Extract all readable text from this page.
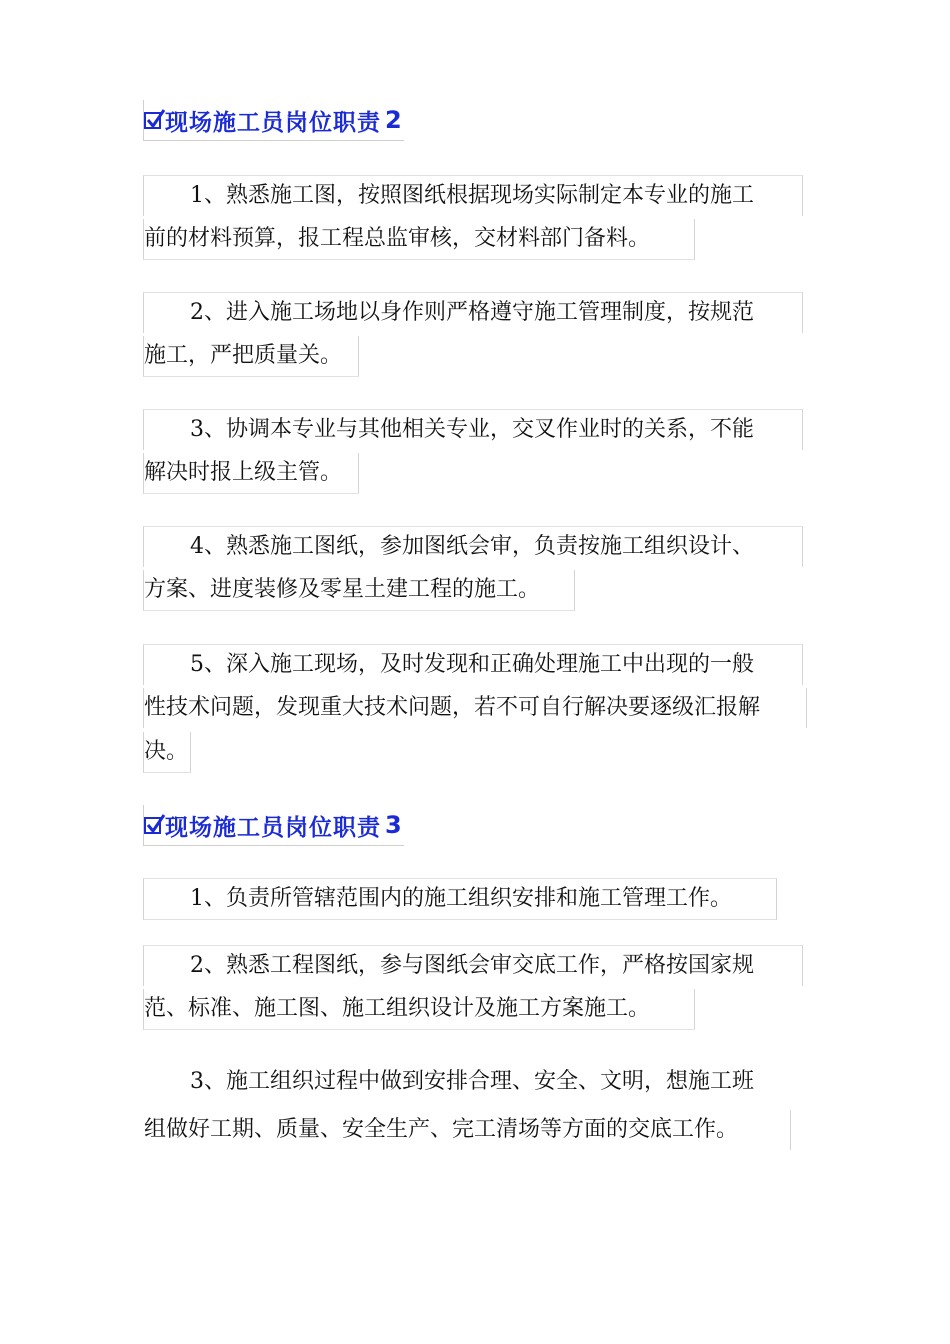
现场施工员岗位职责 2
1、熟悉施工图，按照图纸根据现场实际制定本专业的施工
前的材料预算，报工程总监审核，交材料部门备料。
2、进入施工场地以身作则严格遵守施工管理制度，按规范
施工，严把质量关。
3、协调本专业与其他相关专业，交叉作业时的关系，不能
解决时报上级主管。
4、熟悉施工图纸，参加图纸会审，负责按施工组织设计、
方案、进度装修及零星土建工程的施工。
5、深入施工现场，及时发现和正确处理施工中出现的一般
性技术问题，发现重大技术问题，若不可自行解决要逐级汇报解
决。
现场施工员岗位职责 3
1、负责所管辖范围内的施工组织安排和施工管理工作。
2、熟悉工程图纸，参与图纸会审交底工作，严格按国家规
范、标准、施工图、施工组织设计及施工方案施工。
3、施工组织过程中做到安排合理、安全、文明，想施工班
组做好工期、质量、安全生产、完工清场等方面的交底工作。
